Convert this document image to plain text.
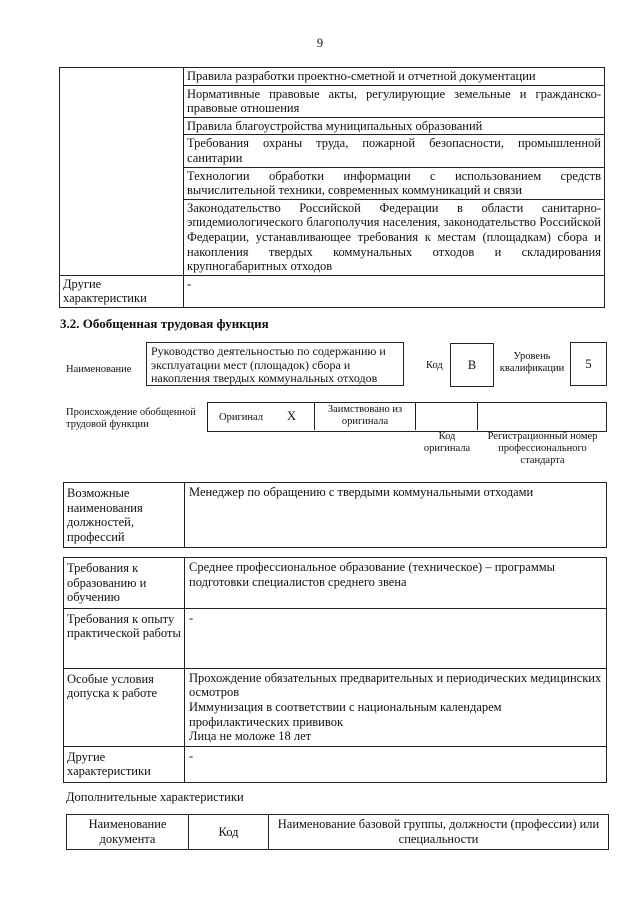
9
	Правила разработки проектно-сметной и отчетной документации
	Нормативные правовые акты, регулирующие земельные и гражданско-правовые отношения
	Правила благоустройства муниципальных образований
	Требования охраны труда, пожарной безопасности, промышленной санитарии
	Технологии обработки информации с использованием средств вычислительной техники, современных коммуникаций и связи
	Законодательство Российской Федерации в области санитарно-эпидемиологического благополучия населения, законодательство Российской Федерации, устанавливающее требования к местам (площадкам) сбора и накопления твердых коммунальных отходов и складирования крупногабаритных отходов
Другие характеристики	-
3.2. Обобщенная трудовая функция
Наименование
Руководство деятельностью по содержанию и эксплуатации мест (площадок) сбора и накопления твердых коммунальных отходов
Код	B
Уровень квалификации	5
Происхождение обобщенной трудовой функции
Оригинал X	Заимствовано из оригинала
Код оригинала
Регистрационный номер профессионального стандарта
Возможные наименования должностей, профессий	Менеджер по обращению с твердыми коммунальными отходами
Требования к образованию и обучению	Среднее профессиональное образование (техническое) – программы подготовки специалистов среднего звена
Требования к опыту практической работы	-
Особые условия допуска к работе	Прохождение обязательных предварительных и периодических медицинских осмотров
Иммунизация в соответствии с национальным календарем профилактических прививок
Лица не моложе 18 лет
Другие характеристики	-
Дополнительные характеристики
Наименование документа	Код	Наименование базовой группы, должности (профессии) или специальности
